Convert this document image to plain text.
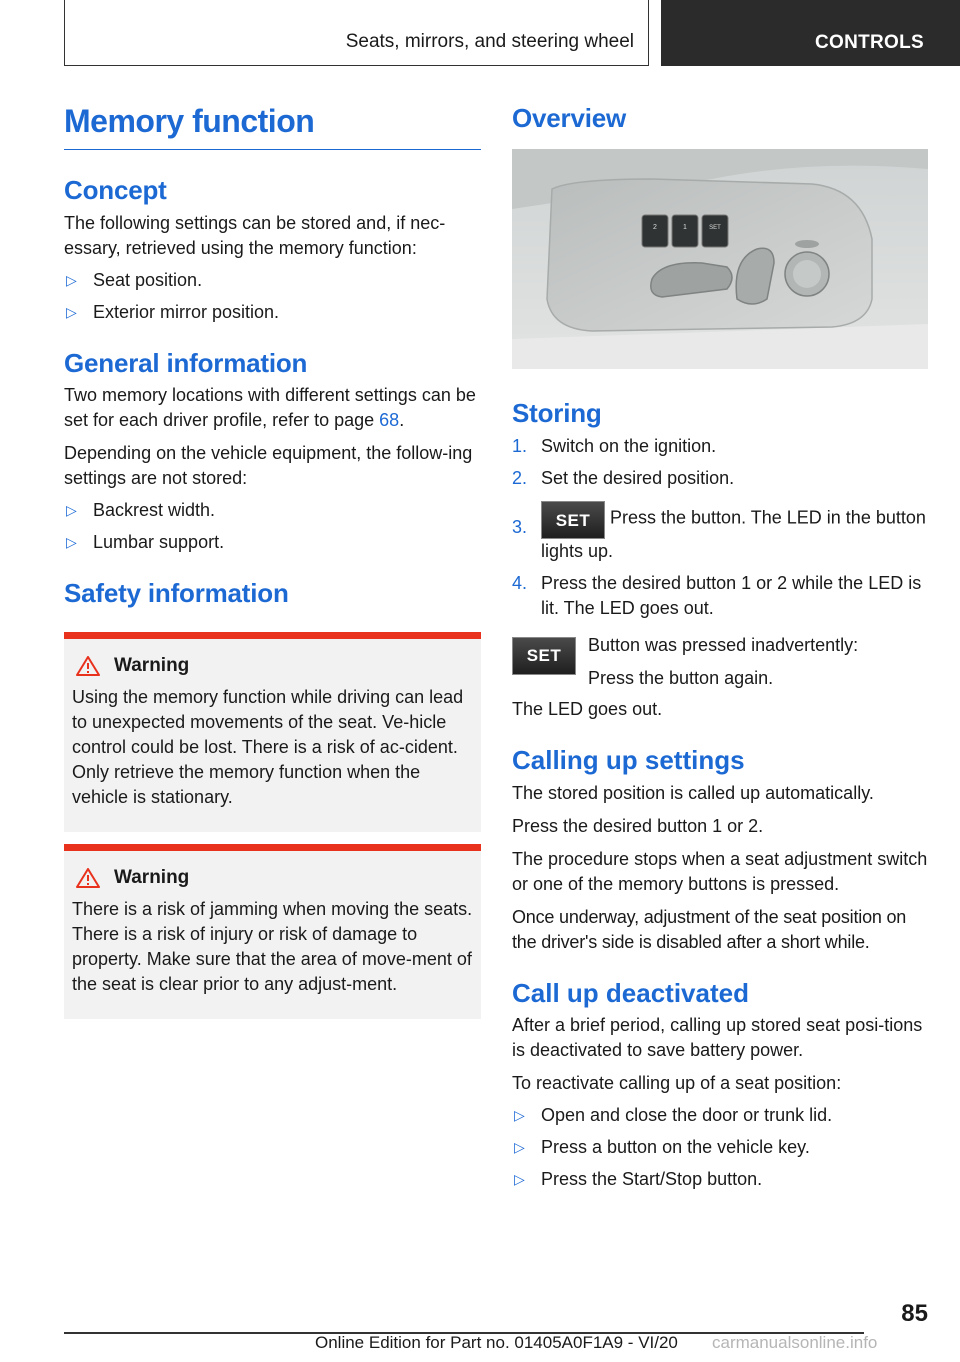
Seats, mirrors, and steering wheel	CONTROLS
Memory function
Concept

The following settings can be stored and, if nec-essary, retrieved using the memory function:

▷ Seat position.
▷ Exterior mirror position.
General information

Two memory locations with different settings can be set for each driver profile, refer to page 68.

Depending on the vehicle equipment, the follow-ing settings are not stored:

▷ Backrest width.
▷ Lumbar support.
Safety information
Warning

Using the memory function while driving can lead to unexpected movements of the seat. Ve-hicle control could be lost. There is a risk of ac-cident. Only retrieve the memory function when the vehicle is stationary.

Warning

There is a risk of jamming when moving the seats. There is a risk of injury or risk of damage to property. Make sure that the area of move-ment of the seat is clear prior to any adjust-ment.

Overview
2	1	SET
Storing
1. Switch on the ignition.
2. Set the desired position.
3.	SET Press the button. The LED in the button lights up.
4. Press the desired button 1 or 2 while the LED is lit. The LED goes out.
SET

Button was pressed inadvertently:

Press the button again.

The LED goes out.

Calling up settings

The stored position is called up automatically.

Press the desired button 1 or 2.

The procedure stops when a seat adjustment switch or one of the memory buttons is pressed.

Once underway, adjustment of the seat position on the driver's side is disabled after a short while.

Call up deactivated

After a brief period, calling up stored seat posi-tions is deactivated to save battery power.

To reactivate calling up of a seat position:

▷ Open and close the door or trunk lid.
▷ Press a button on the vehicle key.
▷ Press the Start/Stop button.
85
Online Edition for Part no. 01405A0F1A9 - VI/20 carmanualsonline.info
